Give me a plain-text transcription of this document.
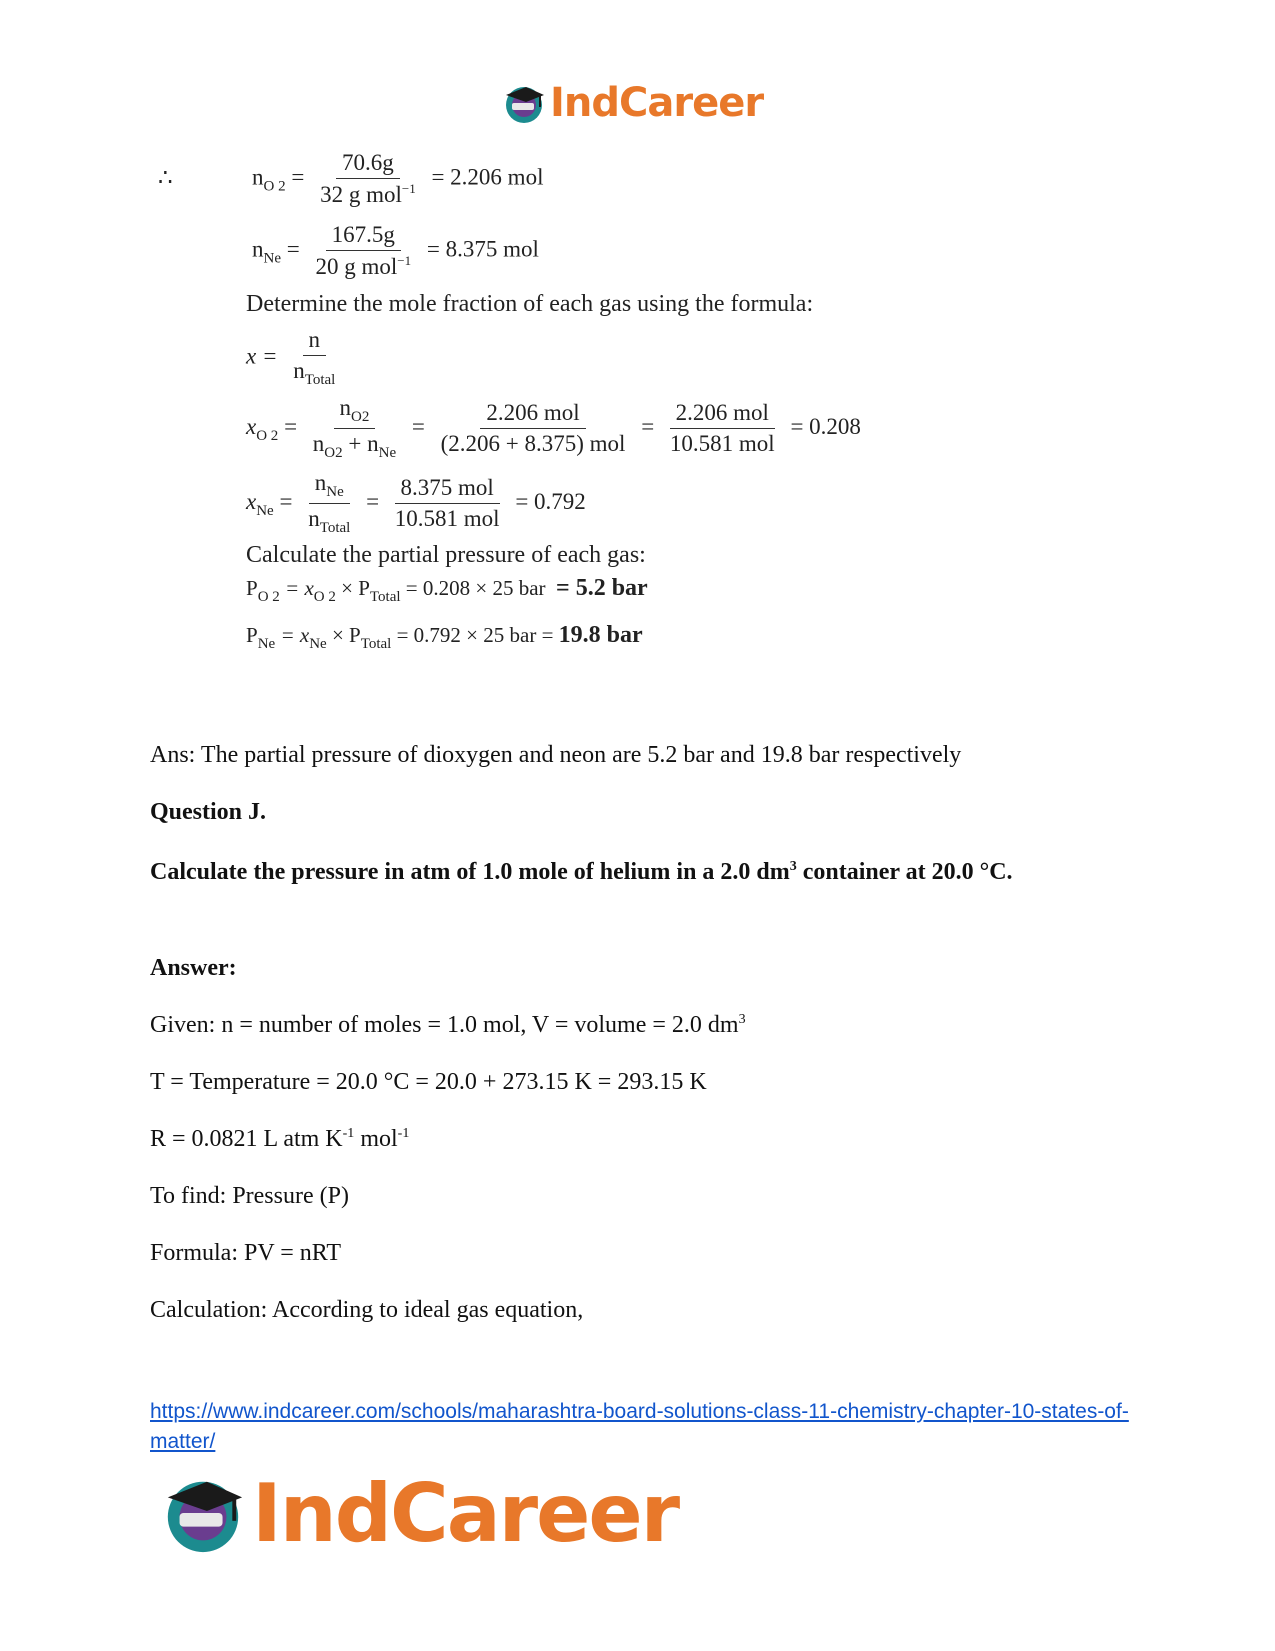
IndCareer
∴	$n_{O 2} = \frac{70.6g}{32 g mol^{-1}} = 2.206$ mol
$n_{Ne} = \frac{167.5g}{20 g mol^{-1}} = 8.375$ mol
Determine the mole fraction of each gas using the formula:
$x = \frac{n}{n_{Total}}$
$x_{O 2} = \frac{n_{O2}}{n_{O2} + n_{Ne}} = \frac{\text{2.206 mol}}{\text{(2.206 + 8.375) mol}} = \frac{\text{2.206 mol}}{\text{10.581 mol}} = 0.208$
$x_{Ne} = \frac{n_{Ne}}{n_{Total}} = \frac{\text{8.375 mol}}{\text{10.581 mol}} = 0.792$
Calculate the partial pressure of each gas:
$P_{O 2} = x_{O 2} \times P_{Total} = 0.208 \times 25$ bar = 5.2 bar
$P_{Ne} = x_{Ne} \times P_{Total} = 0.792 \times 25$ bar = 19.8 bar
Ans: The partial pressure of dioxygen and neon are 5.2 bar and 19.8 bar respectively
Question J.
Calculate the pressure in atm of 1.0 mole of helium in a 2.0 $dm^3$ container at 20.0 °C.
Answer:
Given: n = number of moles = 1.0 mol, V = volume = 2.0 $dm^3$
T = Temperature = 20.0 °C = 20.0 + 273.15 K = 293.15 K
R = 0.0821 L atm $K^{-1}$ mol$^{-1}$
To find: Pressure (P)
Formula: PV = nRT
Calculation: According to ideal gas equation,
https://www.indcareer.com/schools/maharashtra-board-solutions-class-11-chemistry-chapter-10-states-of-matter/
IndCareer
